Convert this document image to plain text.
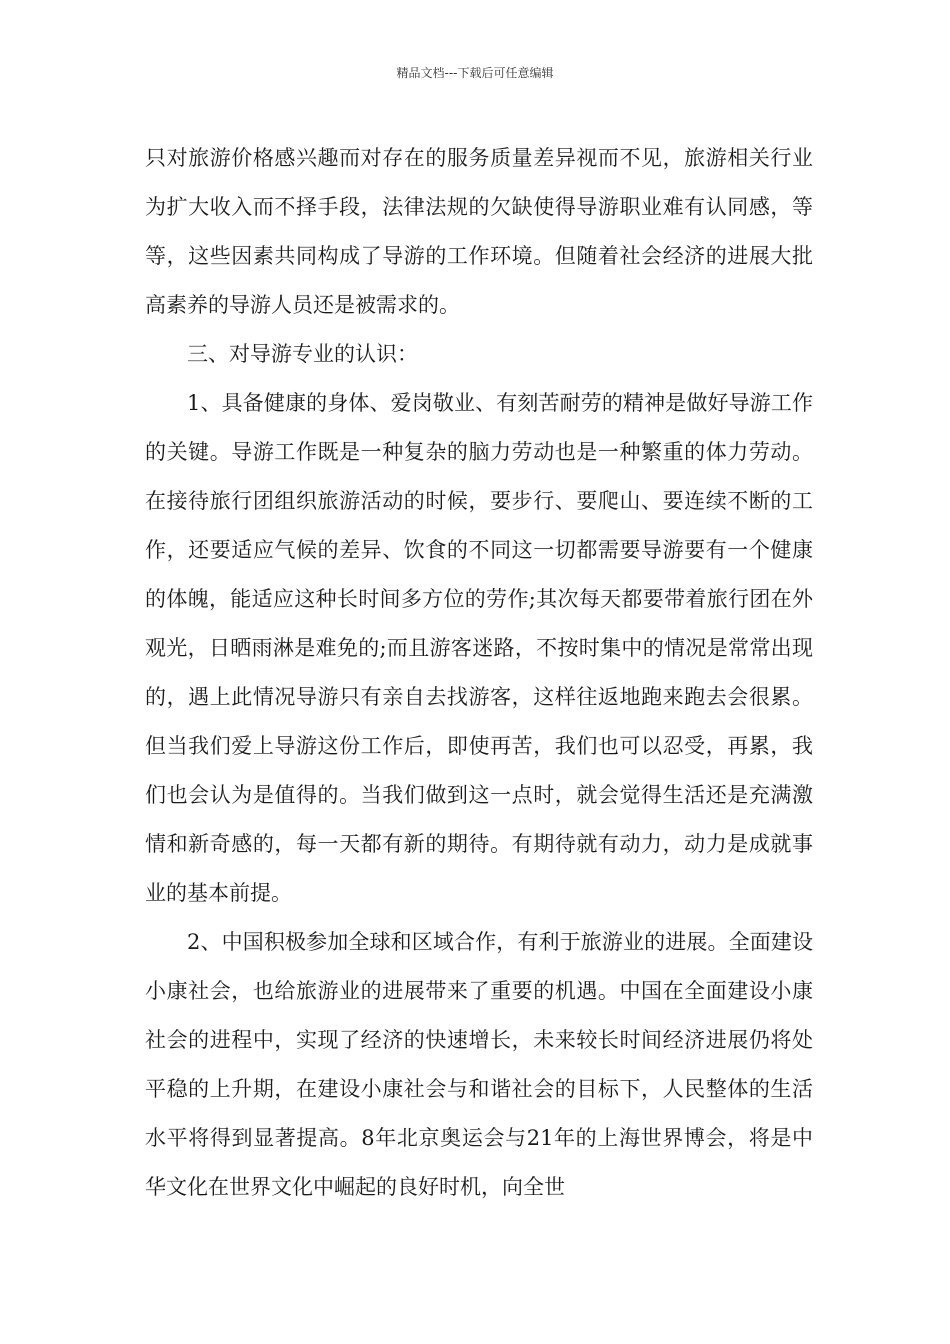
精品文档---下载后可任意编辑

只对旅游价格感兴趣而对存在的服务质量差异视而不见，旅游相关行业为扩大收入而不择手段，法律法规的欠缺使得导游职业难有认同感，等等，这些因素共同构成了导游的工作环境。但随着社会经济的进展大批高素养的导游人员还是被需求的。

三、对导游专业的认识：

1、具备健康的身体、爱岗敬业、有刻苦耐劳的精神是做好导游工作的关键。导游工作既是一种复杂的脑力劳动也是一种繁重的体力劳动。在接待旅行团组织旅游活动的时候，要步行、要爬山、要连续不断的工作，还要适应气候的差异、饮食的不同这一切都需要导游要有一个健康的体魄，能适应这种长时间多方位的劳作;其次每天都要带着旅行团在外观光，日晒雨淋是难免的;而且游客迷路，不按时集中的情况是常常出现的，遇上此情况导游只有亲自去找游客，这样往返地跑来跑去会很累。但当我们爱上导游这份工作后，即使再苦，我们也可以忍受，再累，我们也会认为是值得的。当我们做到这一点时，就会觉得生活还是充满激情和新奇感的，每一天都有新的期待。有期待就有动力，动力是成就事业的基本前提。

2、中国积极参加全球和区域合作，有利于旅游业的进展。全面建设小康社会，也给旅游业的进展带来了重要的机遇。中国在全面建设小康社会的进程中，实现了经济的快速增长，未来较长时间经济进展仍将处平稳的上升期，在建设小康社会与和谐社会的目标下，人民整体的生活水平将得到显著提高。8年北京奥运会与21年的上海世界博会，将是中华文化在世界文化中崛起的良好时机，向全世
